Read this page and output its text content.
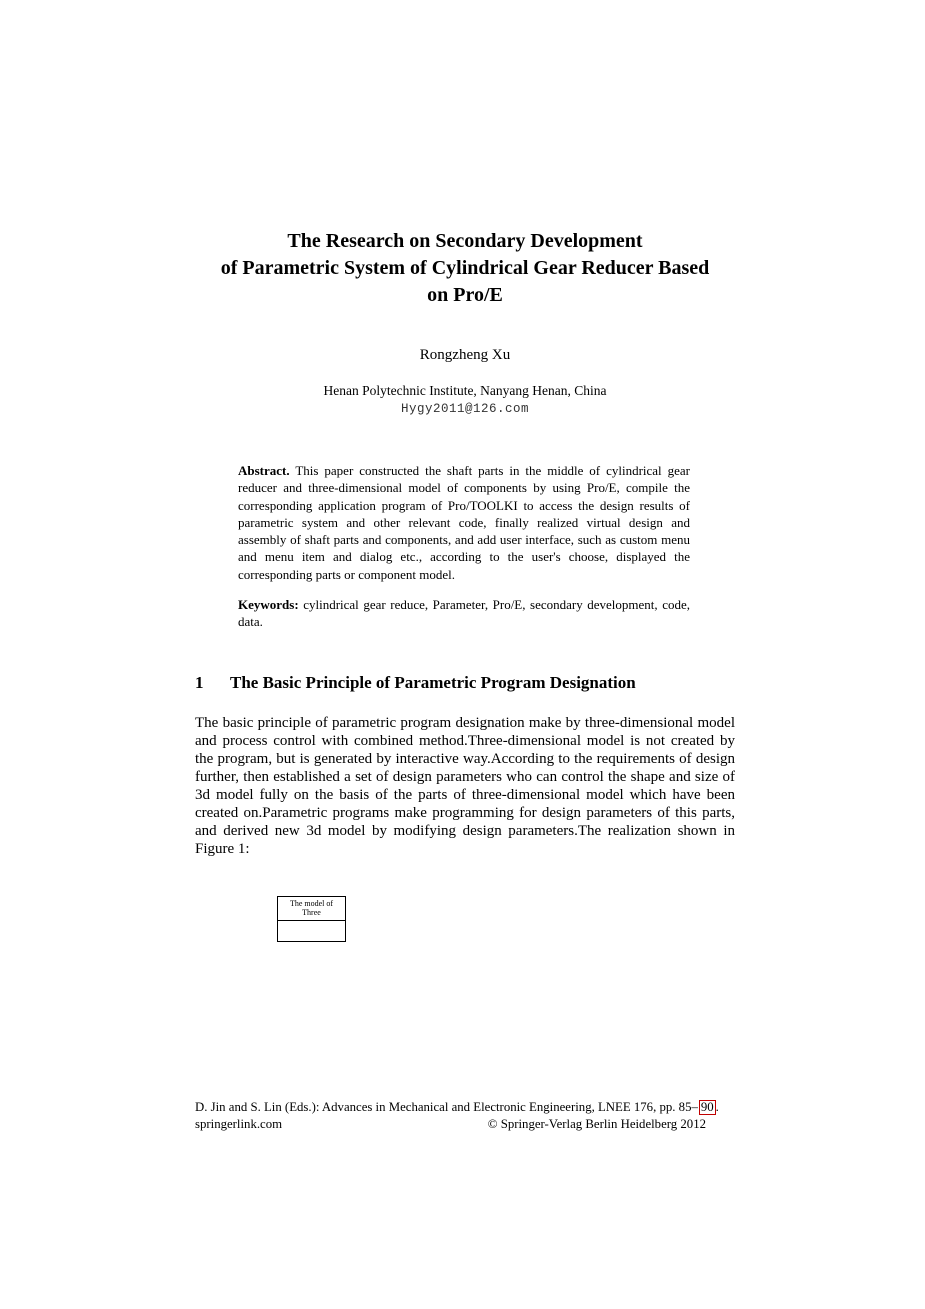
The Research on Secondary Development
of Parametric System of Cylindrical Gear Reducer Based
on Pro/E
Rongzheng Xu
Henan Polytechnic Institute, Nanyang Henan, China
Hygy2011@126.com

Abstract. This paper constructed the shaft parts in the middle of cylindrical gear reducer and three-dimensional model of components by using Pro/E, compile the corresponding application program of Pro/TOOLKI to access the design results of parametric system and other relevant code, finally realized virtual design and assembly of shaft parts and components, and add user interface, such as custom menu and menu item and dialog etc., according to the user's choose, displayed the corresponding parts or component model.

Keywords: cylindrical gear reduce, Parameter, Pro/E, secondary development, code, data.

1	The Basic Principle of Parametric Program Designation

The basic principle of parametric program designation make by three-dimensional model and process control with combined method.Three-dimensional model is not created by the program, but is generated by interactive way.According to the requirements of design further, then established a set of design parameters who can control the shape and size of 3d model fully on the basis of the parts of three-dimensional model which have been created on.Parametric programs make programming for design parameters of this parts, and derived new 3d model by modifying design parameters.The realization shown in Figure 1:

The model of
Three
D. Jin and S. Lin (Eds.): Advances in Mechanical and Electronic Engineering, LNEE 176, pp. 85– 90 .
springerlink.com	© Springer-Verlag Berlin Heidelberg 2012
